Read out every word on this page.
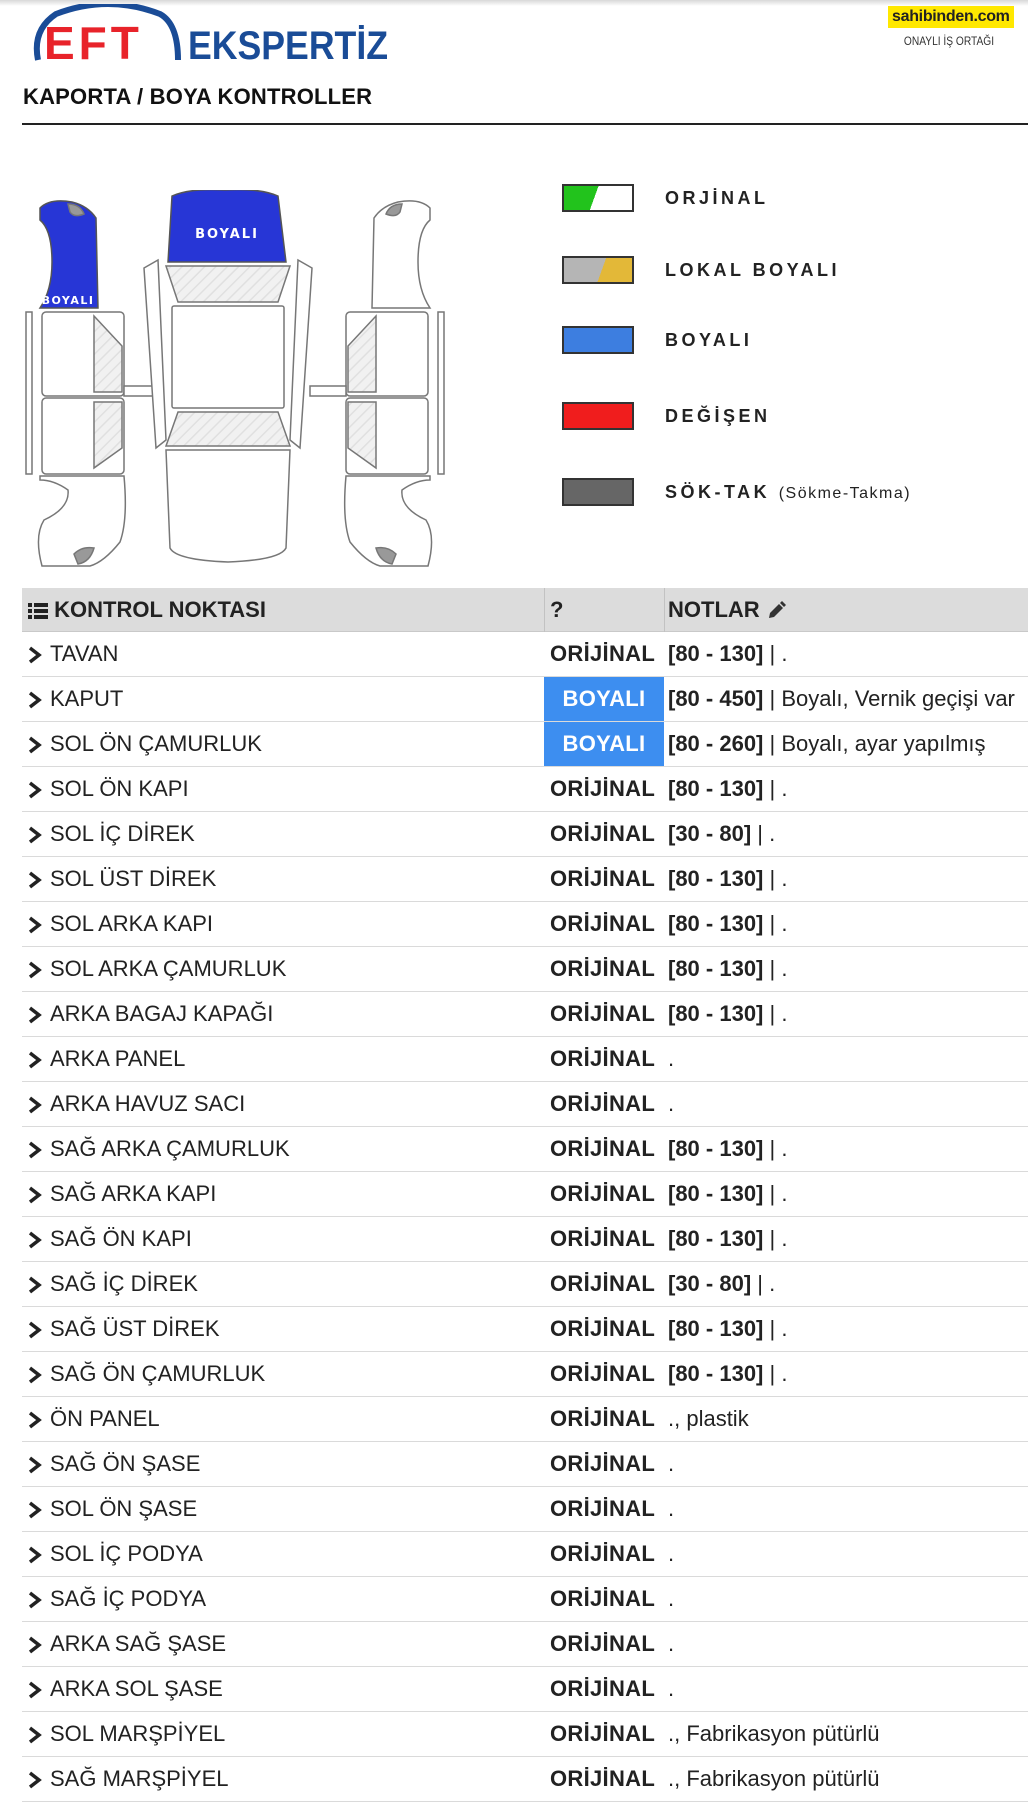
EFT EKSPERTİZ
sahibinden.com
ONAYLI İŞ ORTAĞI
KAPORTA / BOYA KONTROLLER
BOYALI
BOYALI
ORJİNAL
LOKAL BOYALI
BOYALI
DEĞİŞEN
SÖK-TAK (Sökme-Takma)
KONTROL NOKTASI	?	NOTLAR
TAVAN	ORİJİNAL [80 - 130] | .
KAPUT	BOYALI	[80 - 450] | Boyalı, Vernik geçişi var
SOL ÖN ÇAMURLUK	BOYALI	[80 - 260] | Boyalı, ayar yapılmış
SOL ÖN KAPI	ORİJİNAL [80 - 130] | .
SOL İÇ DİREK	ORİJİNAL [30 - 80] | .
SOL ÜST DİREK	ORİJİNAL [80 - 130] | .
SOL ARKA KAPI	ORİJİNAL [80 - 130] | .
SOL ARKA ÇAMURLUK	ORİJİNAL [80 - 130] | .
ARKA BAGAJ KAPAĞI	ORİJİNAL [80 - 130] | .
ARKA PANEL	ORİJİNAL .
ARKA HAVUZ SACI	ORİJİNAL .
SAĞ ARKA ÇAMURLUK	ORİJİNAL [80 - 130] | .
SAĞ ARKA KAPI	ORİJİNAL [80 - 130] | .
SAĞ ÖN KAPI	ORİJİNAL [80 - 130] | .
SAĞ İÇ DİREK	ORİJİNAL [30 - 80] | .
SAĞ ÜST DİREK	ORİJİNAL [80 - 130] | .
SAĞ ÖN ÇAMURLUK	ORİJİNAL [80 - 130] | .
ÖN PANEL	ORİJİNAL ., plastik
SAĞ ÖN ŞASE	ORİJİNAL .
SOL ÖN ŞASE	ORİJİNAL .
SOL İÇ PODYA	ORİJİNAL .
SAĞ İÇ PODYA	ORİJİNAL .
ARKA SAĞ ŞASE	ORİJİNAL .
ARKA SOL ŞASE	ORİJİNAL .
SOL MARŞPİYEL	ORİJİNAL ., Fabrikasyon pütürlü
SAĞ MARŞPİYEL	ORİJİNAL ., Fabrikasyon pütürlü
